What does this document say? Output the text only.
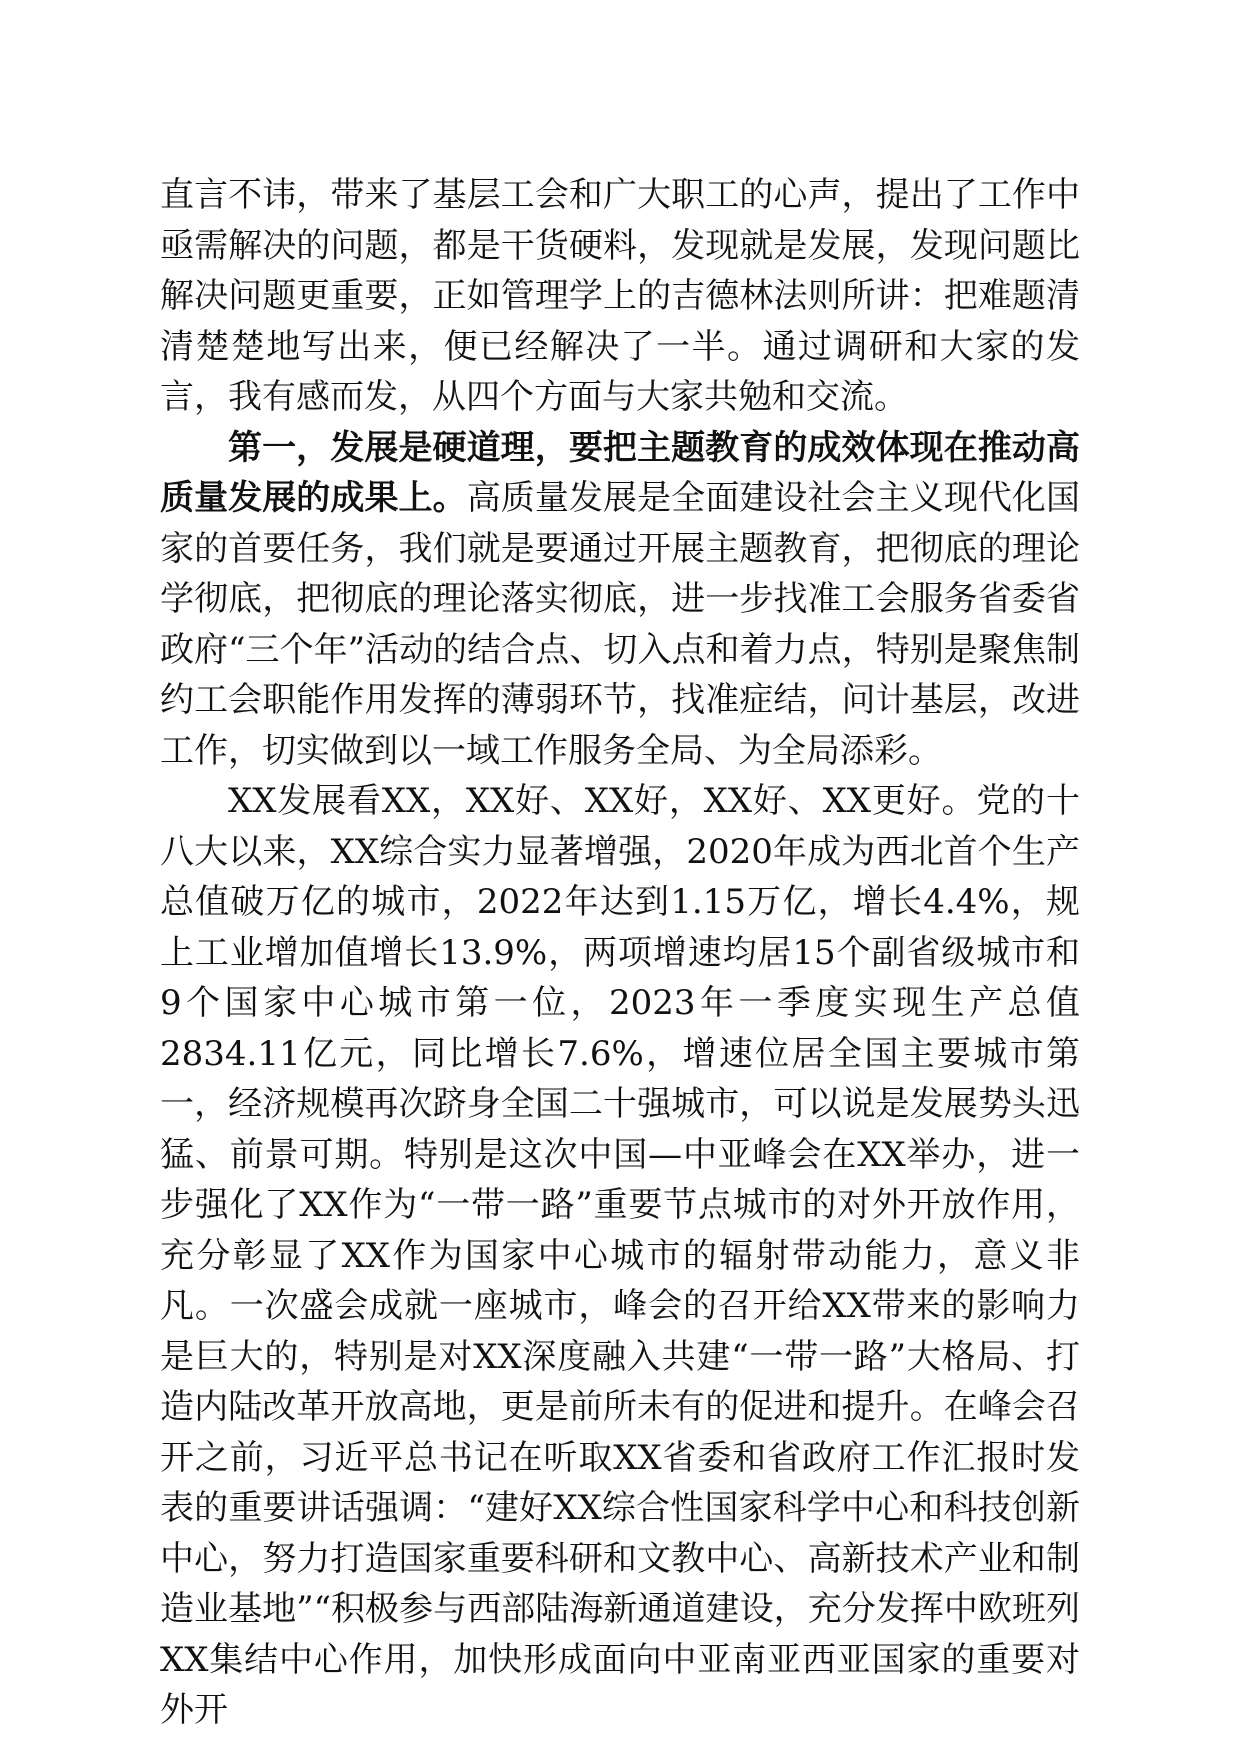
直言不讳，带来了基层工会和广大职工的心声，提出了工作中亟需解决的问题，都是干货硬料，发现就是发展，发现问题比解决问题更重要，正如管理学上的吉德林法则所讲：把难题清清楚楚地写出来，便已经解决了一半。通过调研和大家的发言，我有感而发，从四个方面与大家共勉和交流。

第一，发展是硬道理，要把主题教育的成效体现在推动高质量发展的成果上。高质量发展是全面建设社会主义现代化国家的首要任务，我们就是要通过开展主题教育，把彻底的理论学彻底，把彻底的理论落实彻底，进一步找准工会服务省委省政府“三个年”活动的结合点、切入点和着力点，特别是聚焦制约工会职能作用发挥的薄弱环节，找准症结，问计基层，改进工作，切实做到以一域工作服务全局、为全局添彩。

XX发展看XX，XX好、XX好，XX好、XX更好。党的十八大以来，XX综合实力显著增强，2020年成为西北首个生产总值破万亿的城市，2022年达到1.15万亿，增长4.4%，规上工业增加值增长13.9%，两项增速均居15个副省级城市和9个国家中心城市第一位，2023年一季度实现生产总值2834.11亿元，同比增长7.6%，增速位居全国主要城市第一，经济规模再次跻身全国二十强城市，可以说是发展势头迅猛、前景可期。特别是这次中国—中亚峰会在XX举办，进一步强化了XX作为“一带一路”重要节点城市的对外开放作用，充分彰显了XX作为国家中心城市的辐射带动能力，意义非凡。一次盛会成就一座城市，峰会的召开给XX带来的影响力是巨大的，特别是对XX深度融入共建“一带一路”大格局、打造内陆改革开放高地，更是前所未有的促进和提升。在峰会召开之前，习近平总书记在听取XX省委和省政府工作汇报时发表的重要讲话强调：“建好XX综合性国家科学中心和科技创新中心，努力打造国家重要科研和文教中心、高新技术产业和制造业基地”“积极参与西部陆海新通道建设，充分发挥中欧班列XX集结中心作用，加快形成面向中亚南亚西亚国家的重要对外开
